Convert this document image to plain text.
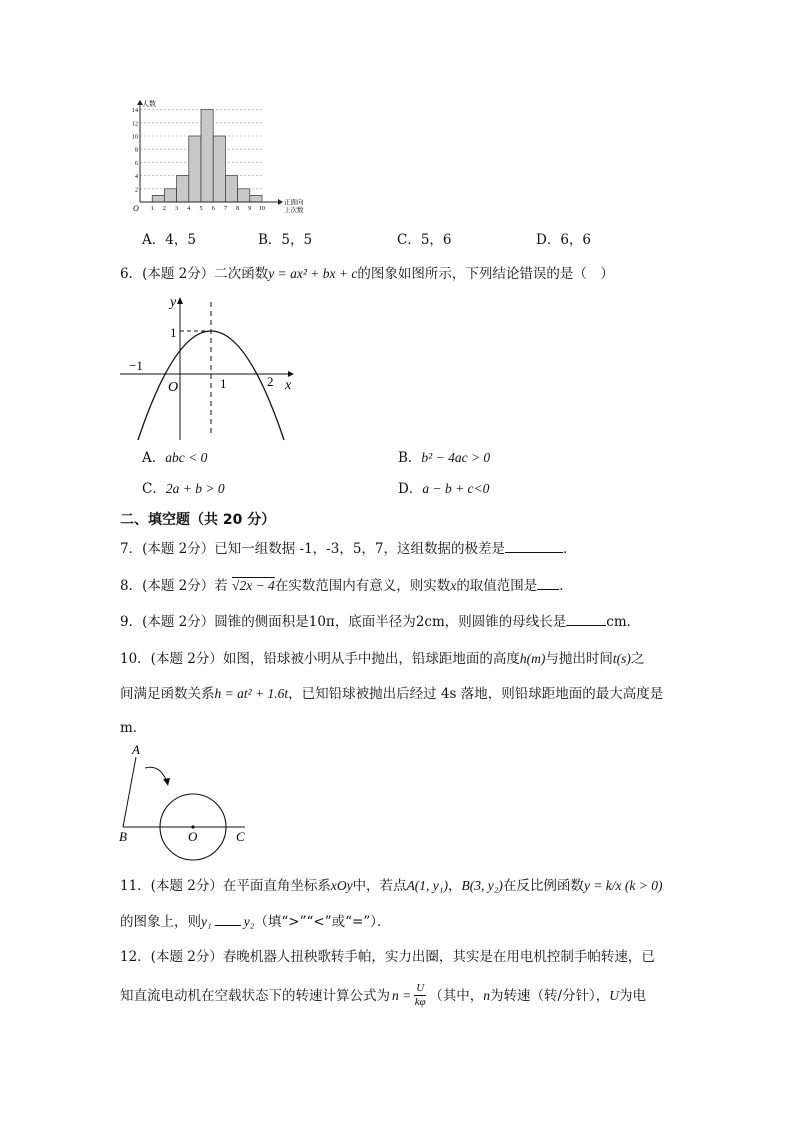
人数
正面向
上次数
O
2
4
6
8
10
12
14
1 2 3 4 5 6 7 8 9 10
A．4，5	B．5，5	C．5，6	D．6，6
6．(本题 2分）二次函数y = ax² + bx + c的图象如图所示，下列结论错误的是（　）
y
x
O
1
−1
1	2
A．abc < 0	B．b² − 4ac > 0
C．2a + b > 0	D．a − b + c<0
二、填空题（共 20 分）
7．(本题 2分）已知一组数据 -1，-3，5，7，这组数据的极差是	．
8．(本题 2分）若 √2x − 4在实数范围内有意义，则实数x的取值范围是 ．
9．(本题 2分）圆锥的侧面积是10π，底面半径为2cm，则圆锥的母线长是	cm．
10．(本题 2分）如图，铅球被小明从手中抛出，铅球距地面的高度h(m)与抛出时间t(s)之
间满足函数关系h = at² + 1.6t，已知铅球被抛出后经过 4s 落地，则铅球距地面的最大高度是
m．
A
B	O	C
11．(本题 2分）在平面直角坐标系xOy中，若点A(1, y₁)，B(3, y₂)在反比例函数y = k/x (k > 0)
的图象上，则y₁ y₂（填“>”“<”或“=”）．
12．(本题 2分）春晚机器人扭秧歌转手帕，实力出圈，其实是在用电机控制手帕转速，已
知直流电动机在空载状态下的转速计算公式为 $n = \frac{U}{k\varphi}$ （其中， n 为转速（转/分针）， U 为电
